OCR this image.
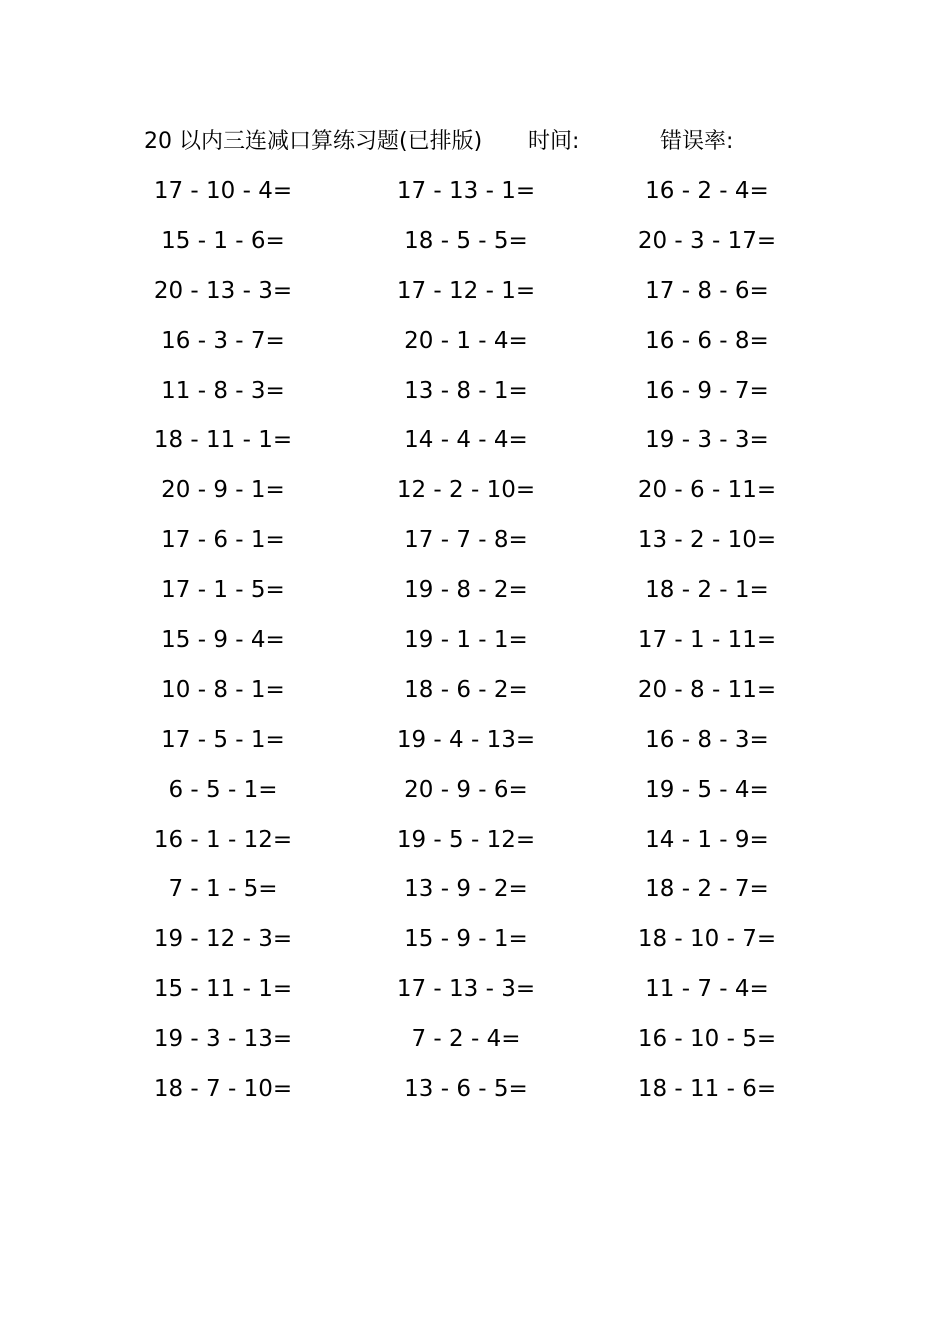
20 以内三连减口算练习题(已排版) 时间:	错误率:
17 - 10 - 4=	17 - 13 - 1=	16 - 2 - 4=
15 - 1 - 6=	18 - 5 - 5=	20 - 3 - 17=
20 - 13 - 3=	17 - 12 - 1=	17 - 8 - 6=
16 - 3 - 7=	20 - 1 - 4=	16 - 6 - 8=
11 - 8 - 3=	13 - 8 - 1=	16 - 9 - 7=
18 - 11 - 1=	14 - 4 - 4=	19 - 3 - 3=
20 - 9 - 1=	12 - 2 - 10=	20 - 6 - 11=
17 - 6 - 1=	17 - 7 - 8=	13 - 2 - 10=
17 - 1 - 5=	19 - 8 - 2=	18 - 2 - 1=
15 - 9 - 4=	19 - 1 - 1=	17 - 1 - 11=
10 - 8 - 1=	18 - 6 - 2=	20 - 8 - 11=
17 - 5 - 1=	19 - 4 - 13=	16 - 8 - 3=
6 - 5 - 1=	20 - 9 - 6=	19 - 5 - 4=
16 - 1 - 12=	19 - 5 - 12=	14 - 1 - 9=
7 - 1 - 5=	13 - 9 - 2=	18 - 2 - 7=
19 - 12 - 3=	15 - 9 - 1=	18 - 10 - 7=
15 - 11 - 1=	17 - 13 - 3=	11 - 7 - 4=
19 - 3 - 13=	7 - 2 - 4=	16 - 10 - 5=
18 - 7 - 10=	13 - 6 - 5=	18 - 11 - 6=
